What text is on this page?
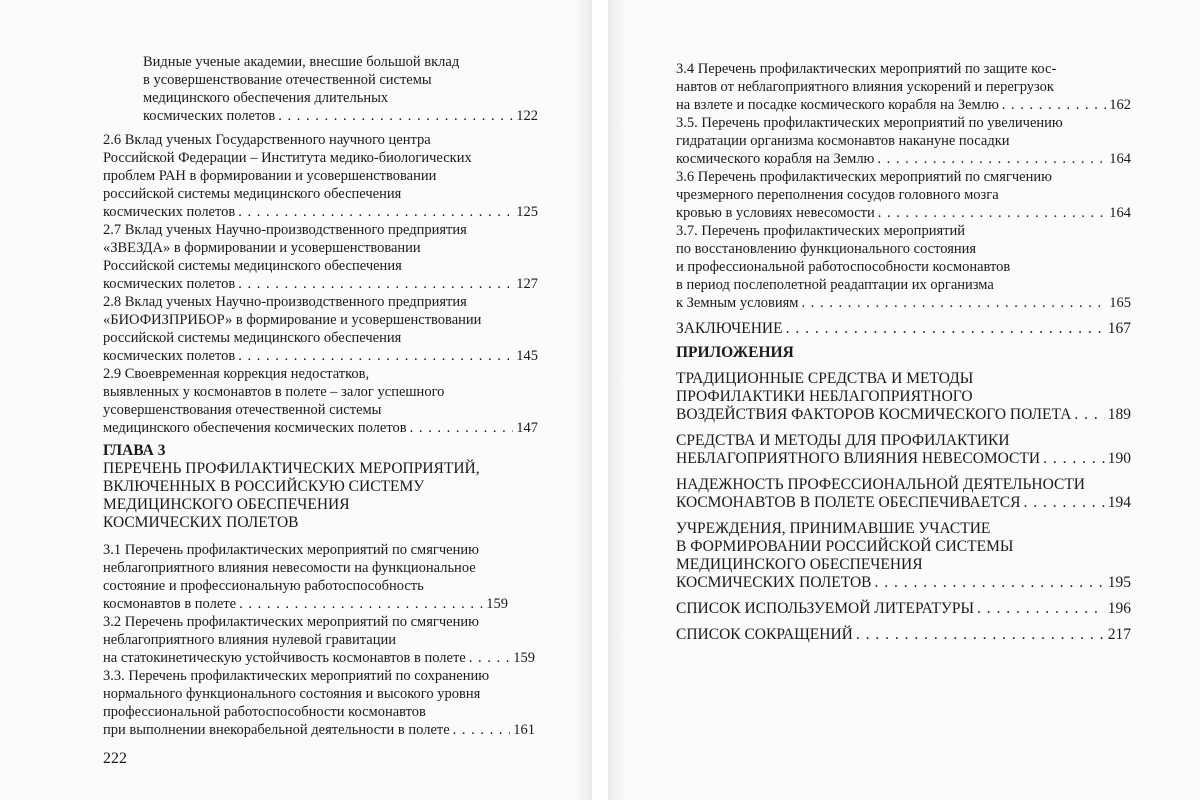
Видные ученые академии, внесшие большой вклад
в усовершенствование отечественной системы
медицинского обеспечения длительных
космических полетов . . .	122
2.6 Вклад ученых Государственного научного центра
Российской Федерации – Института медико-биологических
проблем РАН в формировании и усовершенствовании
российской системы медицинского обеспечения
космических полетов . . .	125
2.7 Вклад ученых Научно-производственного предприятия
«ЗВЕЗДА» в формировании и усовершенствовании
Российской системы медицинского обеспечения
космических полетов . . .	127
2.8 Вклад ученых Научно-производственного предприятия
«БИОФИЗПРИБОР» в формирование и усовершенствовании
российской системы медицинского обеспечения
космических полетов . . .	145
2.9 Своевременная коррекция недостатков,
выявленных у космонавтов в полете – залог успешного
усовершенствования отечественной системы
медицинского обеспечения космических полетов . . .	147
ГЛАВА 3
ПЕРЕЧЕНЬ ПРОФИЛАКТИЧЕСКИХ МЕРОПРИЯТИЙ,
ВКЛЮЧЕННЫХ В РОССИЙСКУЮ СИСТЕМУ
МЕДИЦИНСКОГО ОБЕСПЕЧЕНИЯ
КОСМИЧЕСКИХ ПОЛЕТОВ
3.1 Перечень профилактических мероприятий по смягчению
неблагоприятного влияния невесомости на функциональное
состояние и профессиональную работоспособность
космонавтов в полете . . .	159
3.2 Перечень профилактических мероприятий по смягчению
неблагоприятного влияния нулевой гравитации
на статокинетическую устойчивость космонавтов в полете . . .	159
3.3. Перечень профилактических мероприятий по сохранению
нормального функционального состояния и высокого уровня
профессиональной работоспособности космонавтов
при выполнении внекорабельной деятельности в полете . . .	161
222
3.4 Перечень профилактических мероприятий по защите кос-
навтов от неблагоприятного влияния ускорений и перегрузок
на взлете и посадке космического корабля на Землю . . .	162
3.5. Перечень профилактических мероприятий по увеличению
гидратации организма космонавтов накануне посадки
космического корабля на Землю . . .	164
3.6 Перечень профилактических мероприятий по смягчению
чрезмерного переполнения сосудов головного мозга
кровью в условиях невесомости . . .	164
3.7. Перечень профилактических мероприятий
по восстановлению функционального состояния
и профессиональной работоспособности космонавтов
в период послеполетной реадаптации их организма
к Земным условиям . . .	165
ЗАКЛЮЧЕНИЕ . . .	167
ПРИЛОЖЕНИЯ
ТРАДИЦИОННЫЕ СРЕДСТВА И МЕТОДЫ
ПРОФИЛАКТИКИ НЕБЛАГОПРИЯТНОГО
ВОЗДЕЙСТВИЯ ФАКТОРОВ КОСМИЧЕСКОГО ПОЛЕТА . . . 189
СРЕДСТВА И МЕТОДЫ ДЛЯ ПРОФИЛАКТИКИ
НЕБЛАГОПРИЯТНОГО ВЛИЯНИЯ НЕВЕСОМОСТИ . . .	190
НАДЕЖНОСТЬ ПРОФЕССИОНАЛЬНОЙ ДЕЯТЕЛЬНОСТИ
КОСМОНАВТОВ В ПОЛЕТЕ ОБЕСПЕЧИВАЕТСЯ . . .	194
УЧРЕЖДЕНИЯ, ПРИНИМАВШИЕ УЧАСТИЕ
В ФОРМИРОВАНИИ РОССИЙСКОЙ СИСТЕМЫ
МЕДИЦИНСКОГО ОБЕСПЕЧЕНИЯ
КОСМИЧЕСКИХ ПОЛЕТОВ . . .	195
СПИСОК ИСПОЛЬЗУЕМОЙ ЛИТЕРАТУРЫ . . .	196
СПИСОК СОКРАЩЕНИЙ . . .	217
